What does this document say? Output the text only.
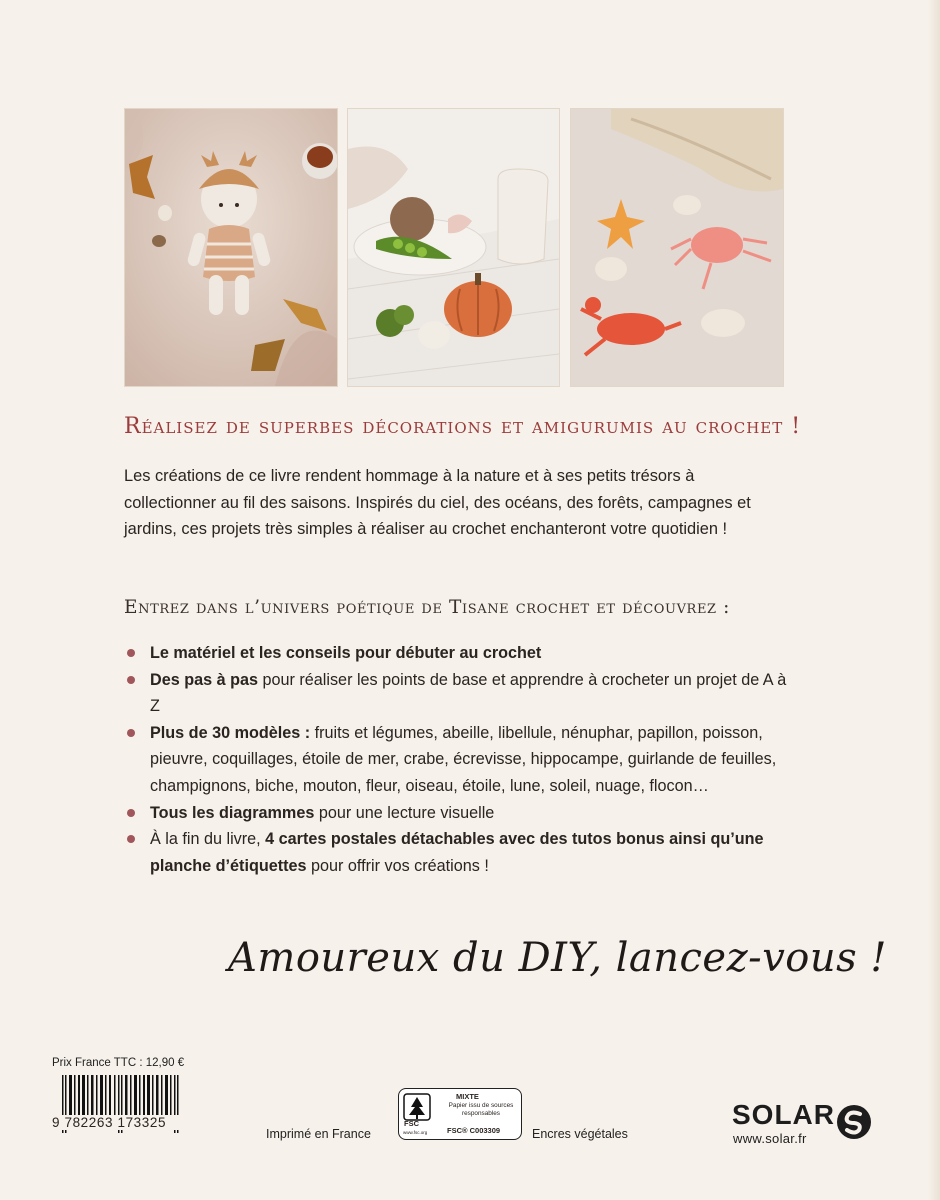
Réalisez de superbes décorations et amigurumis au crochet !
Les créations de ce livre rendent hommage à la nature et à ses petits trésors à collectionner au fil des saisons. Inspirés du ciel, des océans, des forêts, campagnes et jardins, ces projets très simples à réaliser au crochet enchanteront votre quotidien !
Entrez dans l’univers poétique de Tisane crochet et découvrez :
Le matériel et les conseils pour débuter au crochet
Des pas à pas pour réaliser les points de base et apprendre à crocheter un projet de A à Z
Plus de 30 modèles : fruits et légumes, abeille, libellule, nénuphar, papillon, poisson, pieuvre, coquillages, étoile de mer, crabe, écrevisse, hippocampe, guirlande de feuilles, champignons, biche, mouton, fleur, oiseau, étoile, lune, soleil, nuage, flocon…
Tous les diagrammes pour une lecture visuelle
À la fin du livre, 4 cartes postales détachables avec des tutos bonus ainsi qu’une planche d’étiquettes pour offrir vos créations !
Amoureux du DIY, lancez-vous !
Prix France TTC : 12,90 €
9 782263 173325
Imprimé en France
FSC
www.fsc.org
MIXTE
Papier issu de sources responsables
FSC® C003309	Encres végétales
SOLAR
www.solar.fr
